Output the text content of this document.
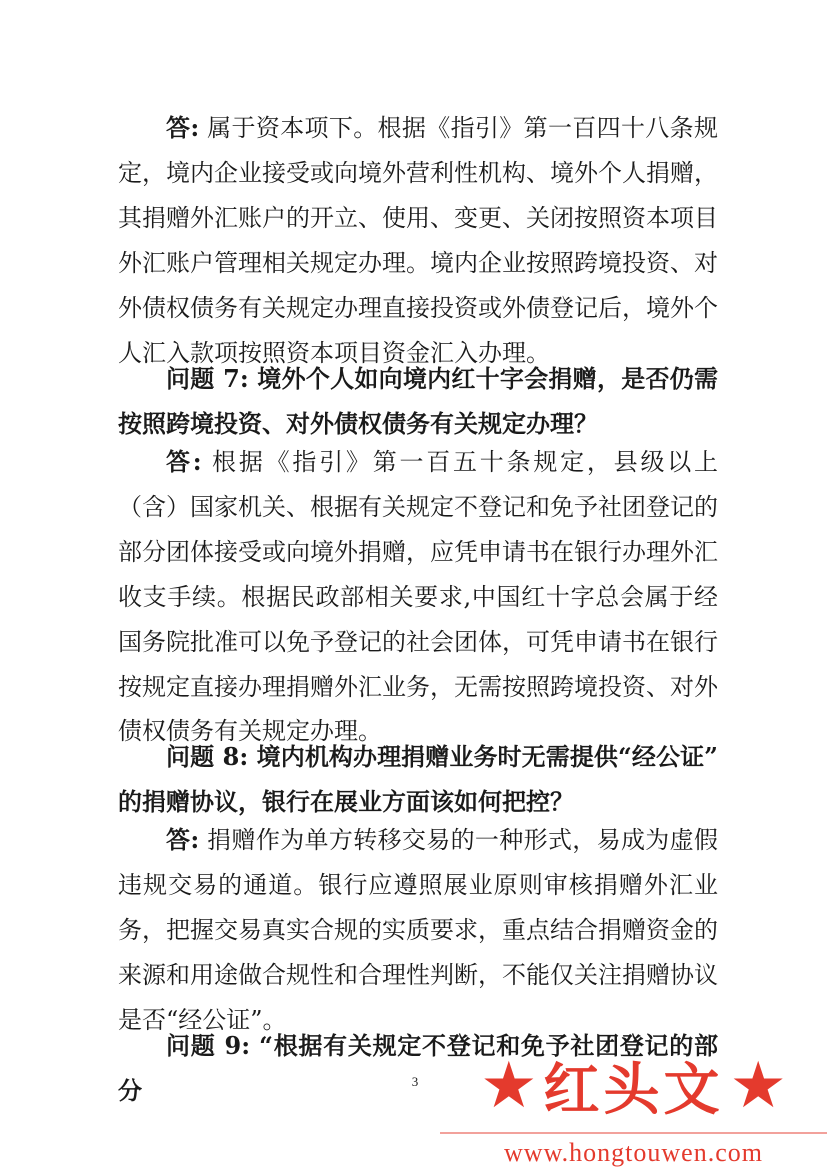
答: 属于资本项下。根据《指引》第一百四十八条规定，境内企业接受或向境外营利性机构、境外个人捐赠，其捐赠外汇账户的开立、使用、变更、关闭按照资本项目外汇账户管理相关规定办理。境内企业按照跨境投资、对外债权债务有关规定办理直接投资或外债登记后，境外个人汇入款项按照资本项目资金汇入办理。

问题 7: 境外个人如向境内红十字会捐赠，是否仍需按照跨境投资、对外债权债务有关规定办理？

答: 根据《指引》第一百五十条规定，县级以上（含）国家机关、根据有关规定不登记和免予社团登记的部分团体接受或向境外捐赠，应凭申请书在银行办理外汇收支手续。根据民政部相关要求,中国红十字总会属于经国务院批准可以免予登记的社会团体，可凭申请书在银行按规定直接办理捐赠外汇业务，无需按照跨境投资、对外债权债务有关规定办理。

问题 8: 境内机构办理捐赠业务时无需提供“经公证” 的捐赠协议，银行在展业方面该如何把控？

答: 捐赠作为单方转移交易的一种形式，易成为虚假违规交易的通道。银行应遵照展业原则审核捐赠外汇业务，把握交易真实合规的实质要求，重点结合捐赠资金的来源和用途做合规性和合理性判断，不能仅关注捐赠协议是否“经公证”。

问题 9: “根据有关规定不登记和免予社团登记的部分	3 ★ 红头文 ★
www.hongtouwen.com
